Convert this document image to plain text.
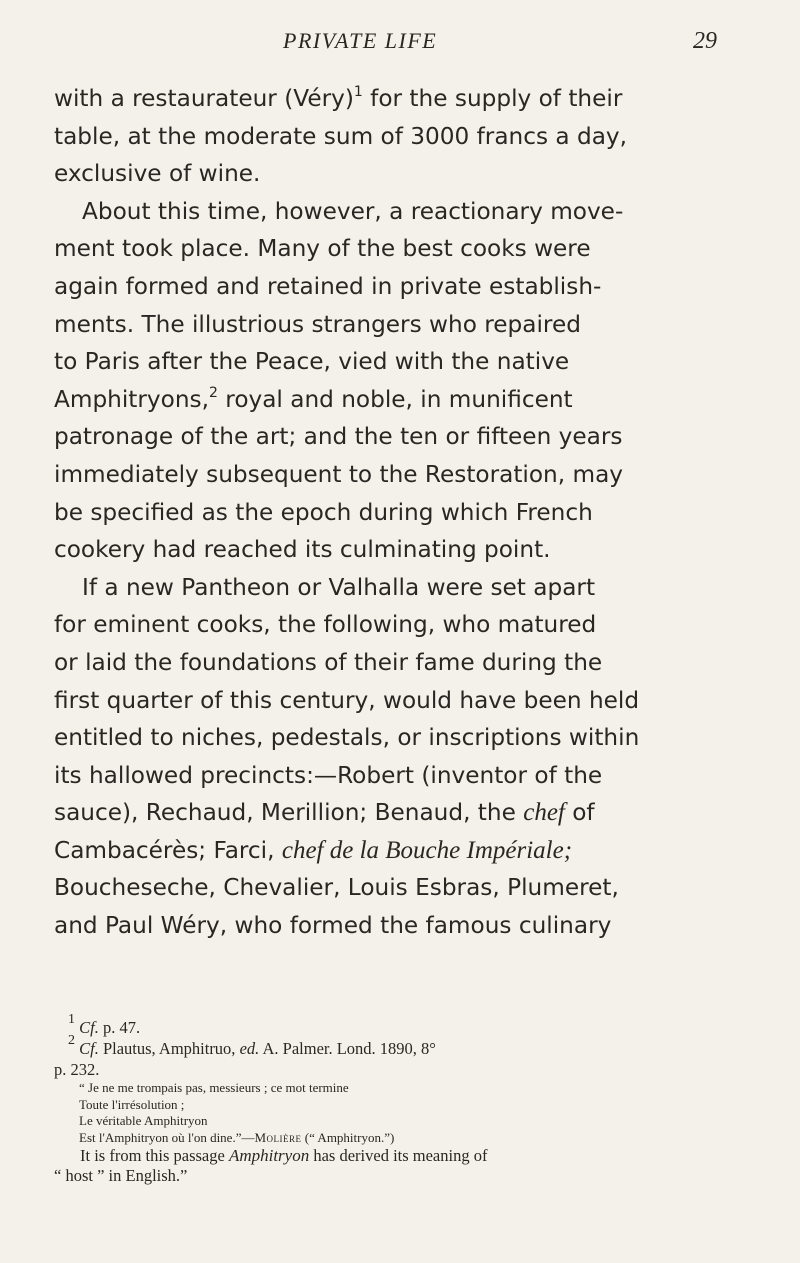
PRIVATE LIFE	29
with a restaurateur (Véry)$^1$ for the supply of their
table, at the moderate sum of 3000 francs a day,
exclusive of wine.
About this time, however, a reactionary move-
ment took place. Many of the best cooks were
again formed and retained in private establish-
ments. The illustrious strangers who repaired
to Paris after the Peace, vied with the native
Amphitryons,$^2$ royal and noble, in munificent
patronage of the art; and the ten or fifteen years
immediately subsequent to the Restoration, may
be specified as the epoch during which French
cookery had reached its culminating point.
If a new Pantheon or Valhalla were set apart
for eminent cooks, the following, who matured
or laid the foundations of their fame during the
first quarter of this century, would have been held
entitled to niches, pedestals, or inscriptions within
its hallowed precincts:—Robert (inventor of the
sauce), Rechaud, Merillion; Benaud, the chef of
Cambacérès; Farci, chef de la Bouche Impériale;
Boucheseche, Chevalier, Louis Esbras, Plumeret,
and Paul Wéry, who formed the famous culinary
$^1$ Cf. p. 47.
$^2$ Cf. Plautus, Amphitruo, ed. A. Palmer. Lond. 1890, 8°
p. 232.
“ Je ne me trompais pas, messieurs ; ce mot termine
Toute l'irrésolution ;
Le véritable Amphitryon
Est l'Amphitryon où l'on dine.”—Molière (“ Amphitryon.”)
It is from this passage Amphitryon has derived its meaning of
“ host ” in English.”
